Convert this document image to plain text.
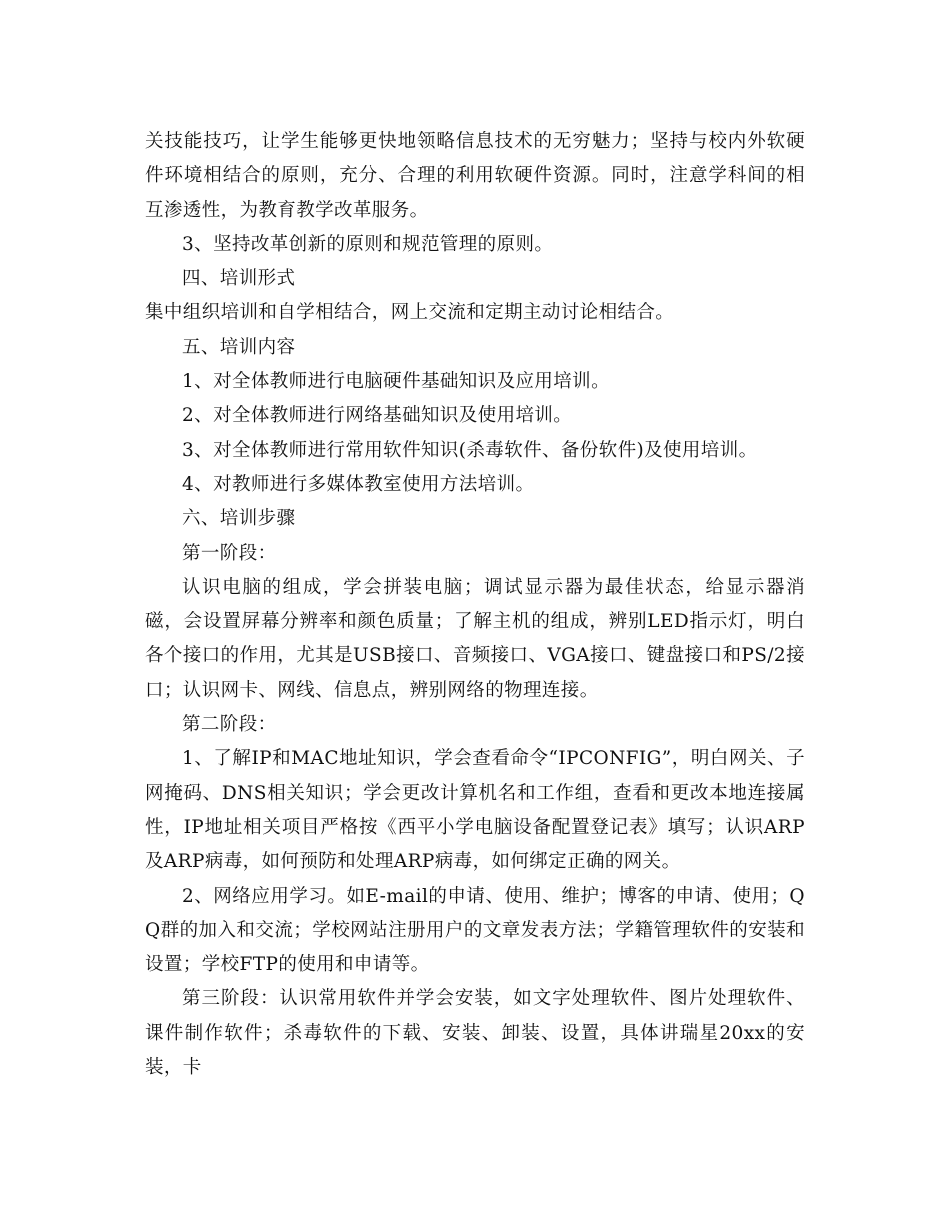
关技能技巧，让学生能够更快地领略信息技术的无穷魅力；坚持与校内外软硬件环境相结合的原则，充分、合理的利用软硬件资源。同时，注意学科间的相互渗透性，为教育教学改革服务。

3、坚持改革创新的原则和规范管理的原则。

四、培训形式

集中组织培训和自学相结合，网上交流和定期主动讨论相结合。

五、培训内容

1、对全体教师进行电脑硬件基础知识及应用培训。

2、对全体教师进行网络基础知识及使用培训。

3、对全体教师进行常用软件知识(杀毒软件、备份软件)及使用培训。

4、对教师进行多媒体教室使用方法培训。

六、培训步骤

第一阶段：

认识电脑的组成，学会拼装电脑；调试显示器为最佳状态，给显示器消磁，会设置屏幕分辨率和颜色质量；了解主机的组成，辨别LED指示灯，明白各个接口的作用，尤其是USB接口、音频接口、VGA接口、键盘接口和PS/2接口；认识网卡、网线、信息点，辨别网络的物理连接。

第二阶段：

1、了解IP和MAC地址知识，学会查看命令“IPCONFIG”，明白网关、子网掩码、DNS相关知识；学会更改计算机名和工作组，查看和更改本地连接属性，IP地址相关项目严格按《西平小学电脑设备配置登记表》填写；认识ARP及ARP病毒，如何预防和处理ARP病毒，如何绑定正确的网关。

2、网络应用学习。如E-mail的申请、使用、维护；博客的申请、使用；QQ群的加入和交流；学校网站注册用户的文章发表方法；学籍管理软件的安装和设置；学校FTP的使用和申请等。

第三阶段：认识常用软件并学会安装，如文字处理软件、图片处理软件、课件制作软件；杀毒软件的下载、安装、卸装、设置，具体讲瑞星20xx的安装，卡
